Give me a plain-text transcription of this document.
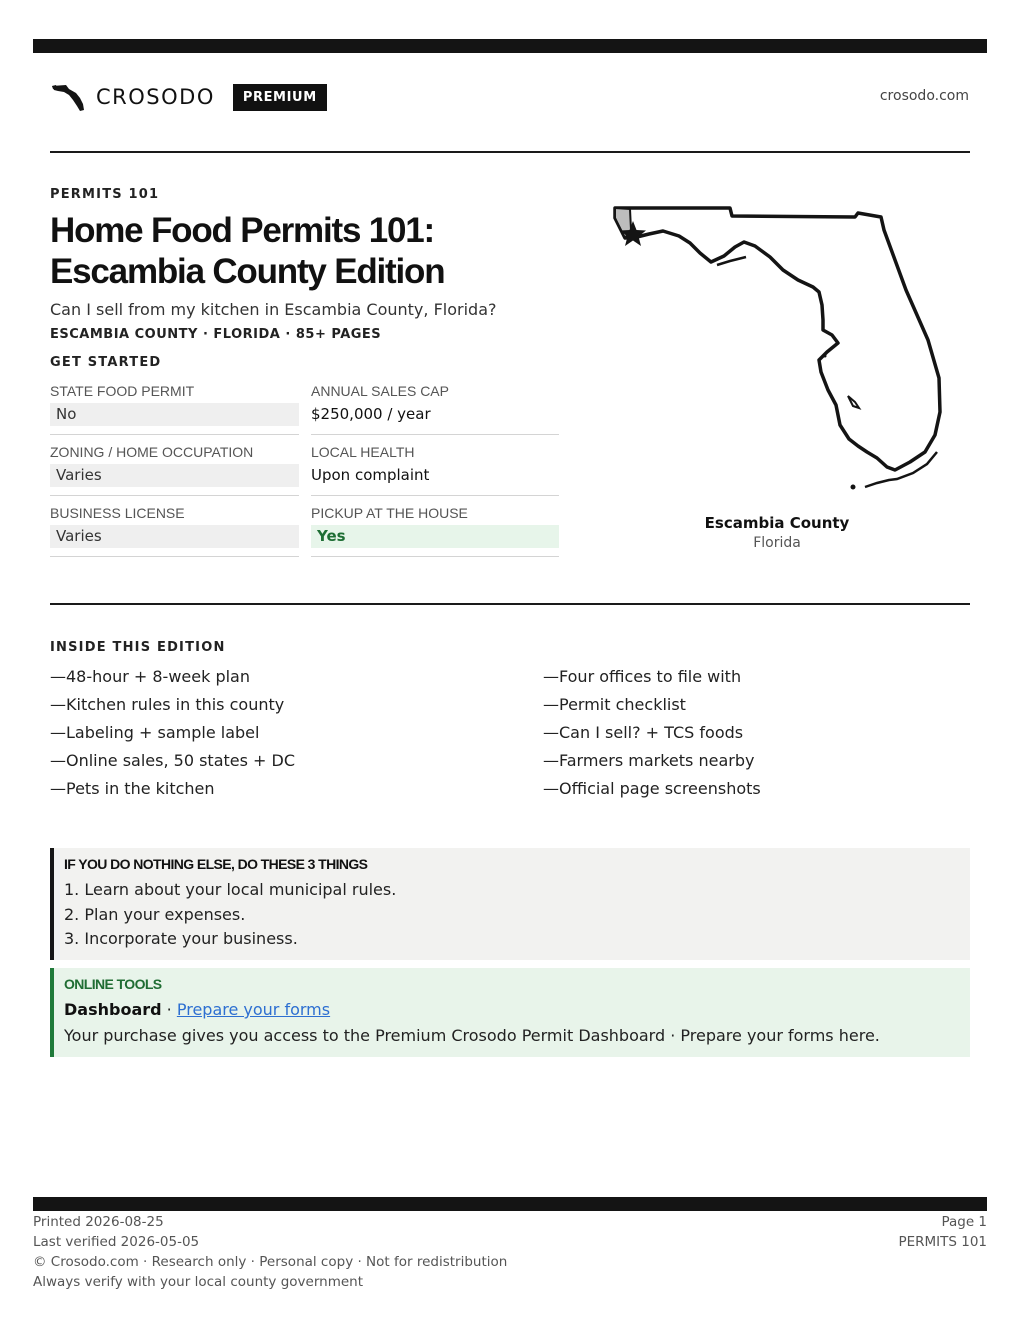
CROSODO	PREMIUM	crosodo.com
PERMITS 101
Home Food Permits 101:
Escambia County Edition
Can I sell from my kitchen in Escambia County, Florida?
ESCAMBIA COUNTY · FLORIDA · 85+ PAGES
GET STARTED
STATE FOOD PERMIT
No
ANNUAL SALES CAP
$250,000 / year
ZONING / HOME OCCUPATION
Varies
LOCAL HEALTH
Upon complaint
BUSINESS LICENSE
Varies
PICKUP AT THE HOUSE
Yes
Escambia County
Florida
INSIDE THIS EDITION
—48-hour + 8-week plan
—Kitchen rules in this county
—Labeling + sample label
—Online sales, 50 states + DC
—Pets in the kitchen
—Four offices to file with
—Permit checklist
—Can I sell? + TCS foods
—Farmers markets nearby
—Official page screenshots
IF YOU DO NOTHING ELSE, DO THESE 3 THINGS
1. Learn about your local municipal rules.
2. Plan your expenses.
3. Incorporate your business.
ONLINE TOOLS
Dashboard · Prepare your forms
Your purchase gives you access to the Premium Crosodo Permit Dashboard · Prepare your forms here.
Printed 2026-08-25
Last verified 2026-05-05
© Crosodo.com · Research only · Personal copy · Not for redistribution
Always verify with your local county government
Page 1
PERMITS 101
